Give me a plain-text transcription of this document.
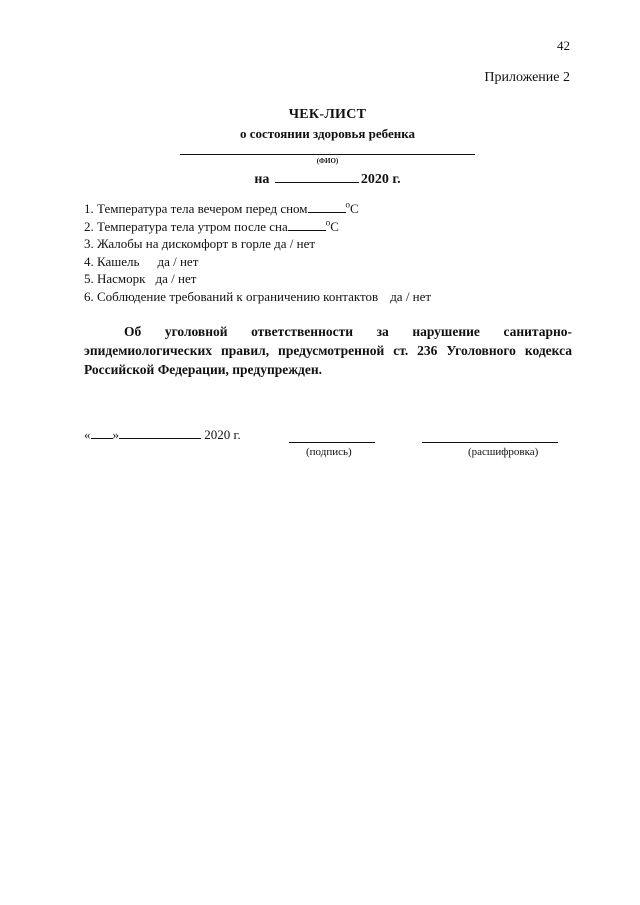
42
Приложение 2
ЧЕК-ЛИСТ
о состоянии здоровья ребенка
(ФИО)
на	2020 г.
1. Температура тела вечером перед сном	$^o$С
2. Температура тела утром после сна	$^o$С
3. Жалобы на дискомфорт в горле да / нет
4. Кашель да / нет
5. Насморк да / нет
6. Соблюдение требований к ограничению контактов да / нет
Об уголовной ответственности за нарушение санитарно-эпидемиологических правил, предусмотренной ст. 236 Уголовного кодекса Российской Федерации, предупрежден.
« »	2020 г.
(подпись)	(расшифровка)
